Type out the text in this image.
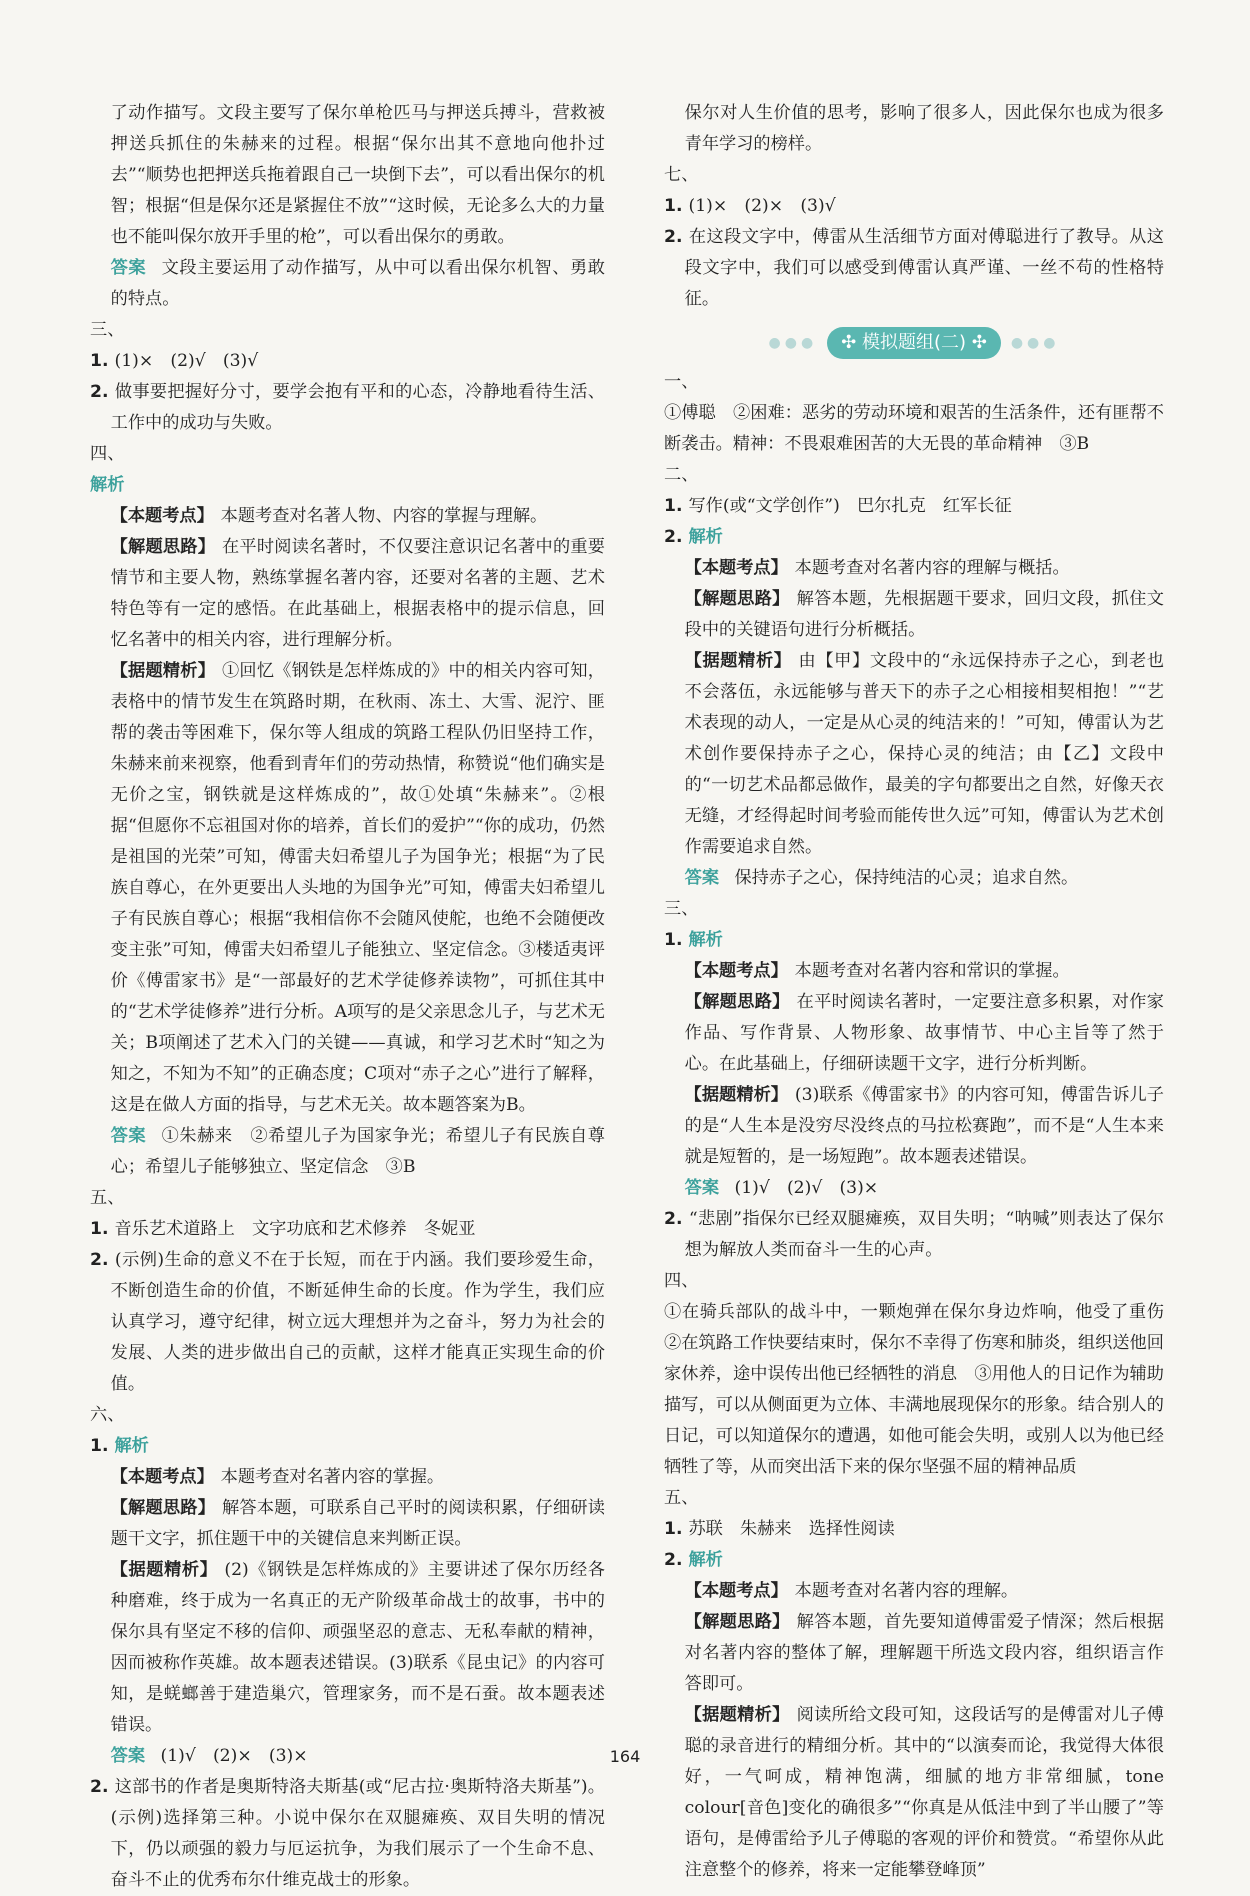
了动作描写。文段主要写了保尔单枪匹马与押送兵搏斗，营救被押送兵抓住的朱赫来的过程。根据“保尔出其不意地向他扑过去”“顺势也把押送兵拖着跟自己一块倒下去”，可以看出保尔的机智；根据“但是保尔还是紧握住不放”“这时候，无论多么大的力量也不能叫保尔放开手里的枪”，可以看出保尔的勇敢。

答案 文段主要运用了动作描写，从中可以看出保尔机智、勇敢的特点。

三、

1. (1)×　(2)√　(3)√

2. 做事要把握好分寸，要学会抱有平和的心态，冷静地看待生活、工作中的成功与失败。

四、

解析

【本题考点】 本题考查对名著人物、内容的掌握与理解。

【解题思路】 在平时阅读名著时，不仅要注意识记名著中的重要情节和主要人物，熟练掌握名著内容，还要对名著的主题、艺术特色等有一定的感悟。在此基础上，根据表格中的提示信息，回忆名著中的相关内容，进行理解分析。

【据题精析】 ①回忆《钢铁是怎样炼成的》中的相关内容可知，表格中的情节发生在筑路时期，在秋雨、冻土、大雪、泥泞、匪帮的袭击等困难下，保尔等人组成的筑路工程队仍旧坚持工作，朱赫来前来视察，他看到青年们的劳动热情，称赞说“他们确实是无价之宝，钢铁就是这样炼成的”，故①处填“朱赫来”。②根据“但愿你不忘祖国对你的培养，首长们的爱护”“你的成功，仍然是祖国的光荣”可知，傅雷夫妇希望儿子为国争光；根据“为了民族自尊心，在外更要出人头地的为国争光”可知，傅雷夫妇希望儿子有民族自尊心；根据“我相信你不会随风使舵，也绝不会随便改变主张”可知，傅雷夫妇希望儿子能独立、坚定信念。③楼适夷评价《傅雷家书》是“一部最好的艺术学徒修养读物”，可抓住其中的“艺术学徒修养”进行分析。A项写的是父亲思念儿子，与艺术无关；B项阐述了艺术入门的关键——真诚，和学习艺术时“知之为知之，不知为不知”的正确态度；C项对“赤子之心”进行了解释，这是在做人方面的指导，与艺术无关。故本题答案为B。

答案 ①朱赫来　②希望儿子为国家争光；希望儿子有民族自尊心；希望儿子能够独立、坚定信念　③B

五、

1. 音乐艺术道路上　文字功底和艺术修养　冬妮亚

2. (示例)生命的意义不在于长短，而在于内涵。我们要珍爱生命，不断创造生命的价值，不断延伸生命的长度。作为学生，我们应认真学习，遵守纪律，树立远大理想并为之奋斗，努力为社会的发展、人类的进步做出自己的贡献，这样才能真正实现生命的价值。

六、

1. 解析

【本题考点】 本题考查对名著内容的掌握。

【解题思路】 解答本题，可联系自己平时的阅读积累，仔细研读题干文字，抓住题干中的关键信息来判断正误。

【据题精析】 (2)《钢铁是怎样炼成的》主要讲述了保尔历经各种磨难，终于成为一名真正的无产阶级革命战士的故事，书中的保尔具有坚定不移的信仰、顽强坚忍的意志、无私奉献的精神，因而被称作英雄。故本题表述错误。(3)联系《昆虫记》的内容可知，是蜣螂善于建造巢穴，管理家务，而不是石蚕。故本题表述错误。

答案 (1)√　(2)×　(3)×

2. 这部书的作者是奥斯特洛夫斯基(或“尼古拉·奥斯特洛夫斯基”)。(示例)选择第三种。小说中保尔在双腿瘫痪、双目失明的情况下，仍以顽强的毅力与厄运抗争，为我们展示了一个生命不息、奋斗不止的优秀布尔什维克战士的形象。

保尔对人生价值的思考，影响了很多人，因此保尔也成为很多青年学习的榜样。

七、

1. (1)×　(2)×　(3)√

2. 在这段文字中，傅雷从生活细节方面对傅聪进行了教导。从这段文字中，我们可以感受到傅雷认真严谨、一丝不苟的性格特征。

●●●	✣ 模拟题组(二) ✣	●●●
一、

①傅聪　②困难：恶劣的劳动环境和艰苦的生活条件，还有匪帮不断袭击。精神：不畏艰难困苦的大无畏的革命精神　③B

二、

1. 写作(或“文学创作”)　巴尔扎克　红军长征

2. 解析

【本题考点】 本题考查对名著内容的理解与概括。

【解题思路】 解答本题，先根据题干要求，回归文段，抓住文段中的关键语句进行分析概括。

【据题精析】 由【甲】文段中的“永远保持赤子之心，到老也不会落伍，永远能够与普天下的赤子之心相接相契相抱！”“艺术表现的动人，一定是从心灵的纯洁来的！”可知，傅雷认为艺术创作要保持赤子之心，保持心灵的纯洁；由【乙】文段中的“一切艺术品都忌做作，最美的字句都要出之自然，好像天衣无缝，才经得起时间考验而能传世久远”可知，傅雷认为艺术创作需要追求自然。

答案 保持赤子之心，保持纯洁的心灵；追求自然。

三、

1. 解析

【本题考点】 本题考查对名著内容和常识的掌握。

【解题思路】 在平时阅读名著时，一定要注意多积累，对作家作品、写作背景、人物形象、故事情节、中心主旨等了然于心。在此基础上，仔细研读题干文字，进行分析判断。

【据题精析】 (3)联系《傅雷家书》的内容可知，傅雷告诉儿子的是“人生本是没穷尽没终点的马拉松赛跑”，而不是“人生本来就是短暂的，是一场短跑”。故本题表述错误。

答案 (1)√　(2)√　(3)×

2. “悲剧”指保尔已经双腿瘫痪，双目失明；“呐喊”则表达了保尔想为解放人类而奋斗一生的心声。

四、

①在骑兵部队的战斗中，一颗炮弹在保尔身边炸响，他受了重伤　②在筑路工作快要结束时，保尔不幸得了伤寒和肺炎，组织送他回家休养，途中误传出他已经牺牲的消息　③用他人的日记作为辅助描写，可以从侧面更为立体、丰满地展现保尔的形象。结合别人的日记，可以知道保尔的遭遇，如他可能会失明，或别人以为他已经牺牲了等，从而突出活下来的保尔坚强不屈的精神品质

五、

1. 苏联　朱赫来　选择性阅读

2. 解析

【本题考点】 本题考查对名著内容的理解。

【解题思路】 解答本题，首先要知道傅雷爱子情深；然后根据对名著内容的整体了解，理解题干所选文段内容，组织语言作答即可。

【据题精析】 阅读所给文段可知，这段话写的是傅雷对儿子傅聪的录音进行的精细分析。其中的“以演奏而论，我觉得大体很好，一气呵成，精神饱满，细腻的地方非常细腻，tone colour[音色]变化的确很多”“你真是从低洼中到了半山腰了”等语句，是傅雷给予儿子傅聪的客观的评价和赞赏。“希望你从此注意整个的修养，将来一定能攀登峰顶”

164
